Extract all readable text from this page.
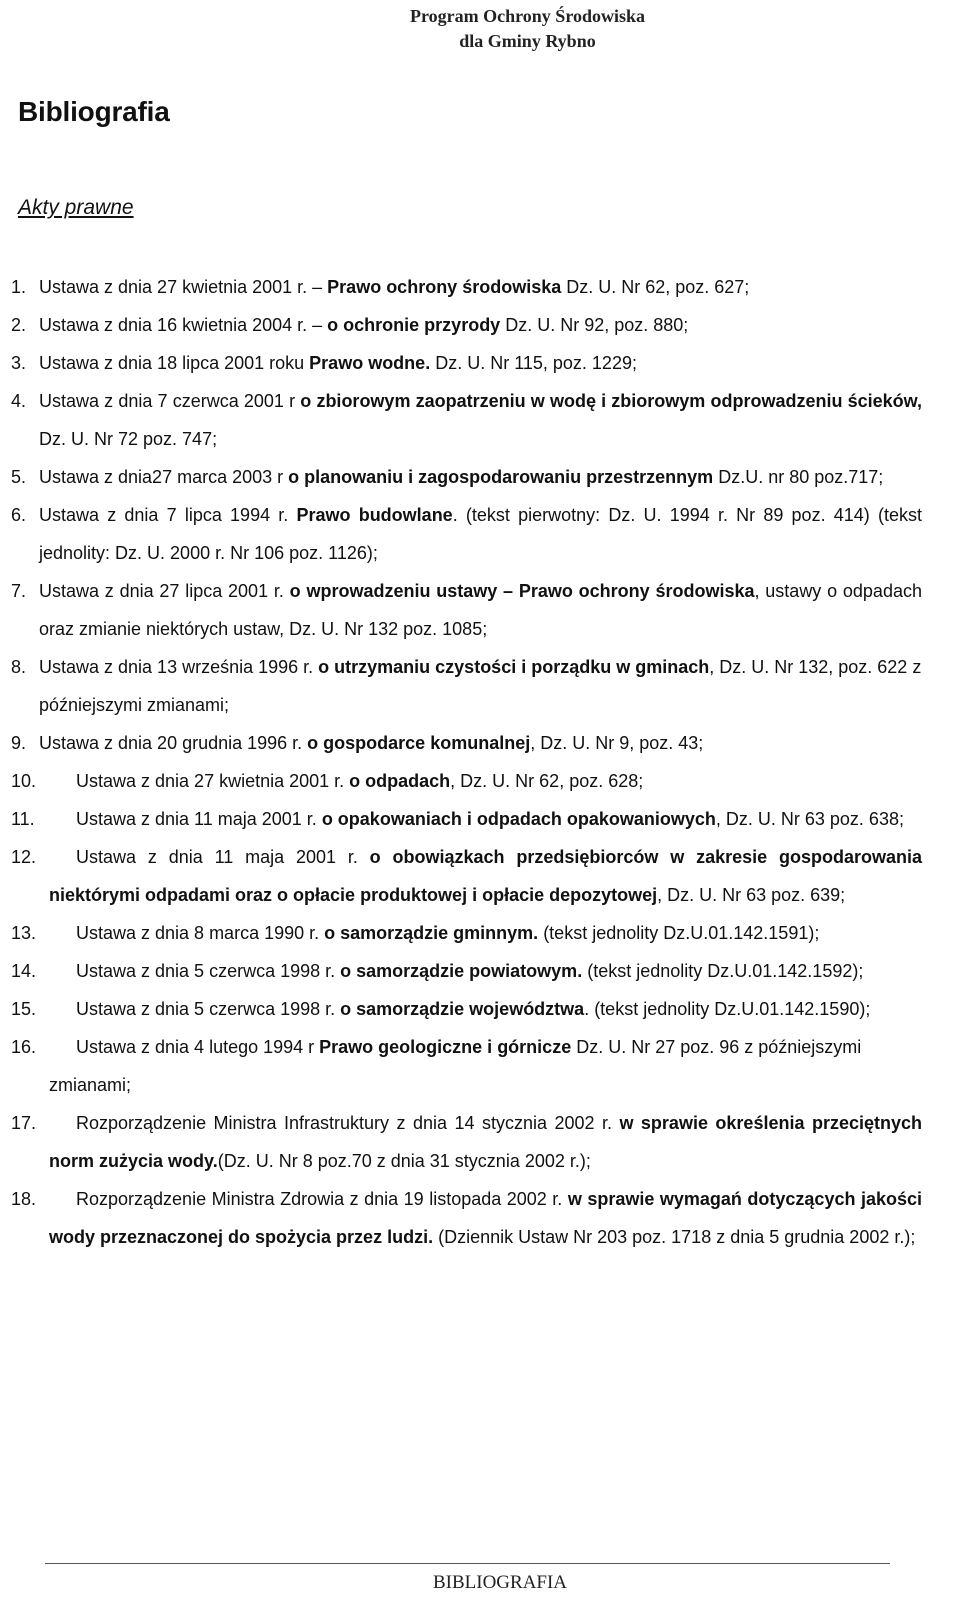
Program Ochrony Środowiska
dla Gminy Rybno
Bibliografia
Akty prawne
1. Ustawa z dnia 27 kwietnia 2001 r. – Prawo ochrony środowiska Dz. U. Nr 62, poz. 627;
2. Ustawa z dnia 16 kwietnia 2004 r. – o ochronie przyrody Dz. U. Nr 92, poz. 880;
3. Ustawa z dnia 18 lipca 2001 roku Prawo wodne. Dz. U. Nr 115, poz. 1229;
4. Ustawa z dnia 7 czerwca 2001 r o zbiorowym zaopatrzeniu w wodę i zbiorowym odprowadzeniu ścieków, Dz. U. Nr 72 poz. 747;
5. Ustawa z dnia27 marca 2003 r o planowaniu i zagospodarowaniu przestrzennym Dz.U. nr 80 poz.717;
6. Ustawa z dnia 7 lipca 1994 r. Prawo budowlane. (tekst pierwotny: Dz. U. 1994 r. Nr 89 poz. 414) (tekst jednolity: Dz. U. 2000 r. Nr 106 poz. 1126);
7. Ustawa z dnia 27 lipca 2001 r. o wprowadzeniu ustawy – Prawo ochrony środowiska, ustawy o odpadach oraz zmianie niektórych ustaw, Dz. U. Nr 132 poz. 1085;
8. Ustawa z dnia 13 września 1996 r. o utrzymaniu czystości i porządku w gminach, Dz. U. Nr 132, poz. 622 z późniejszymi zmianami;
9. Ustawa z dnia 20 grudnia 1996 r. o gospodarce komunalnej, Dz. U. Nr 9, poz. 43;
10.	Ustawa z dnia 27 kwietnia 2001 r. o odpadach, Dz. U. Nr 62, poz. 628;
11.	Ustawa z dnia 11 maja 2001 r. o opakowaniach i odpadach opakowaniowych, Dz. U. Nr 63 poz. 638;
12.	Ustawa z dnia 11 maja 2001 r. o obowiązkach przedsiębiorców w zakresie gospodarowania niektórymi odpadami oraz o opłacie produktowej i opłacie depozytowej, Dz. U. Nr 63 poz. 639;
13.	Ustawa z dnia 8 marca 1990 r. o samorządzie gminnym. (tekst jednolity Dz.U.01.142.1591);
14.	Ustawa z dnia 5 czerwca 1998 r. o samorządzie powiatowym. (tekst jednolity Dz.U.01.142.1592);
15.	Ustawa z dnia 5 czerwca 1998 r. o samorządzie województwa. (tekst jednolity Dz.U.01.142.1590);
16.	Ustawa z dnia 4 lutego 1994 r Prawo geologiczne i górnicze Dz. U. Nr 27 poz. 96 z późniejszymi zmianami;
17.	Rozporządzenie Ministra Infrastruktury z dnia 14 stycznia 2002 r. w sprawie określenia przeciętnych norm zużycia wody.(Dz. U. Nr 8 poz.70 z dnia 31 stycznia 2002 r.);
18.	Rozporządzenie Ministra Zdrowia z dnia 19 listopada 2002 r. w sprawie wymagań dotyczących jakości wody przeznaczonej do spożycia przez ludzi. (Dziennik Ustaw Nr 203 poz. 1718 z dnia 5 grudnia 2002 r.);
BIBLIOGRAFIA
